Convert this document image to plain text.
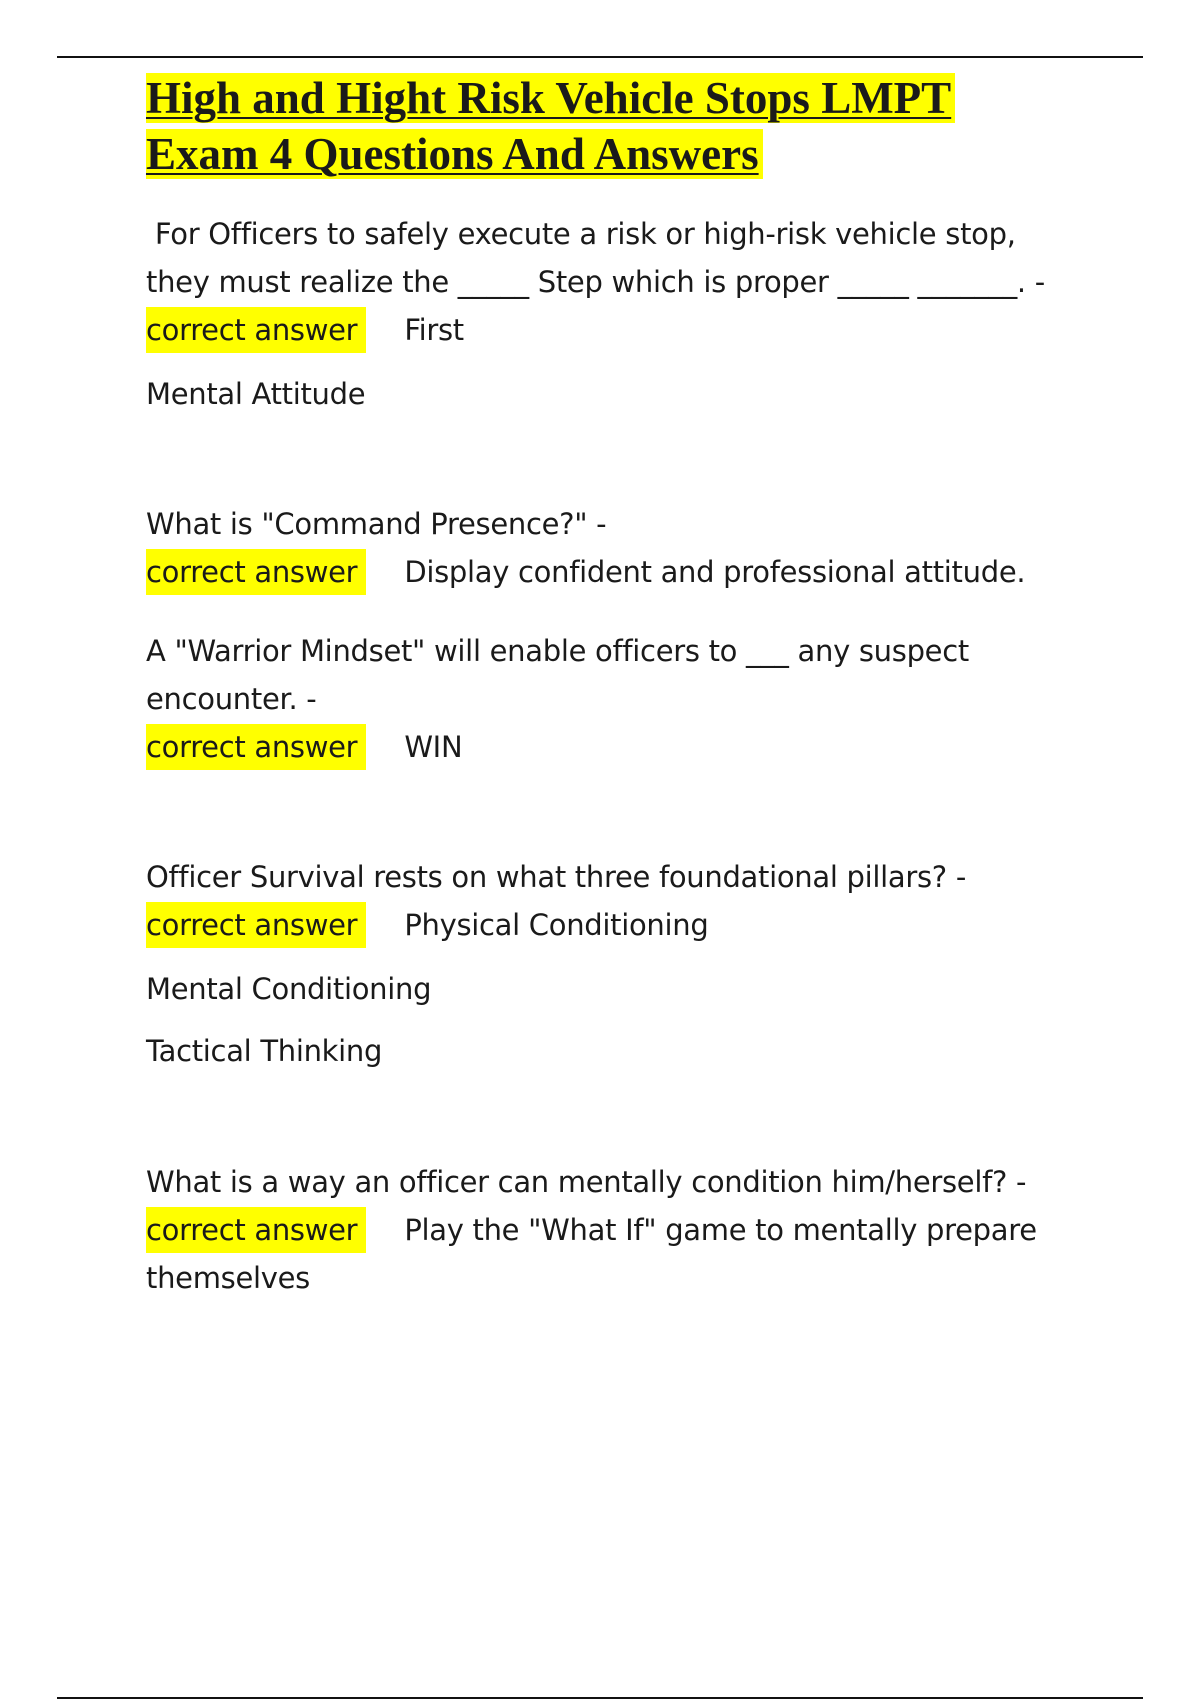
High and Hight Risk Vehicle Stops LMPT
Exam 4 Questions And Answers

For Officers to safely execute a risk or high-risk vehicle stop, they must realize the _____ Step which is proper _____ _______. -

correct answer First

Mental Attitude

What is "Command Presence?" -

correct answer Display confident and professional attitude.

A "Warrior Mindset" will enable officers to ___ any suspect encounter. -

correct answer WIN

Officer Survival rests on what three foundational pillars? -

correct answer Physical Conditioning

Mental Conditioning

Tactical Thinking

What is a way an officer can mentally condition him/herself? -

correct answer Play the "What If" game to mentally prepare

themselves
